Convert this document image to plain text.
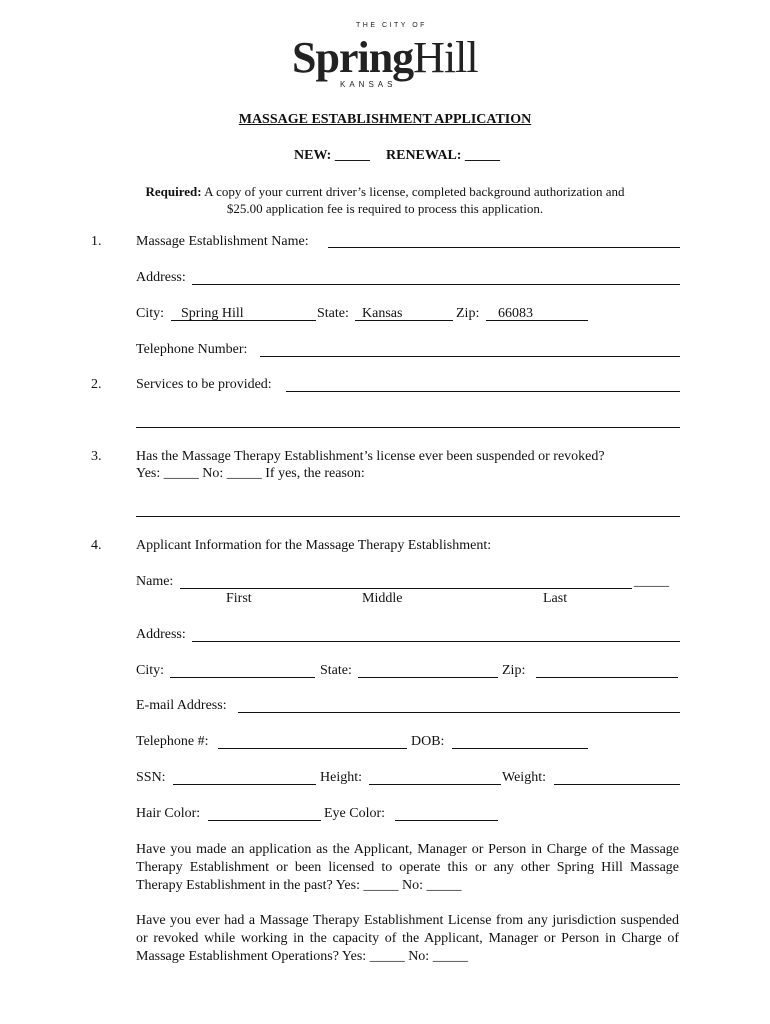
THE CITY OF
SpringHill
KANSAS
MASSAGE ESTABLISHMENT APPLICATION
NEW: _____ RENEWAL: _____
Required: A copy of your current driver’s license, completed background authorization and
$25.00 application fee is required to process this application.
1. Massage Establishment Name:
Address:
City: Spring Hill	State: Kansas	Zip: 66083
Telephone Number:
2. Services to be provided:
3. Has the Massage Therapy Establishment’s license ever been suspended or revoked?
Yes: _____ No: _____ If yes, the reason:
4. Applicant Information for the Massage Therapy Establishment:
Name:	_____
First	Middle	Last
Address:
City:	State:	Zip:
E-mail Address:
Telephone #:	DOB:
SSN:	Height:	Weight:
Hair Color:	Eye Color:
Have you made an application as the Applicant, Manager or Person in Charge of the Massage Therapy Establishment or been licensed to operate this or any other Spring Hill Massage Therapy Establishment in the past? Yes: _____ No: _____
Have you ever had a Massage Therapy Establishment License from any jurisdiction suspended or revoked while working in the capacity of the Applicant, Manager or Person in Charge of Massage Establishment Operations? Yes: _____ No: _____
